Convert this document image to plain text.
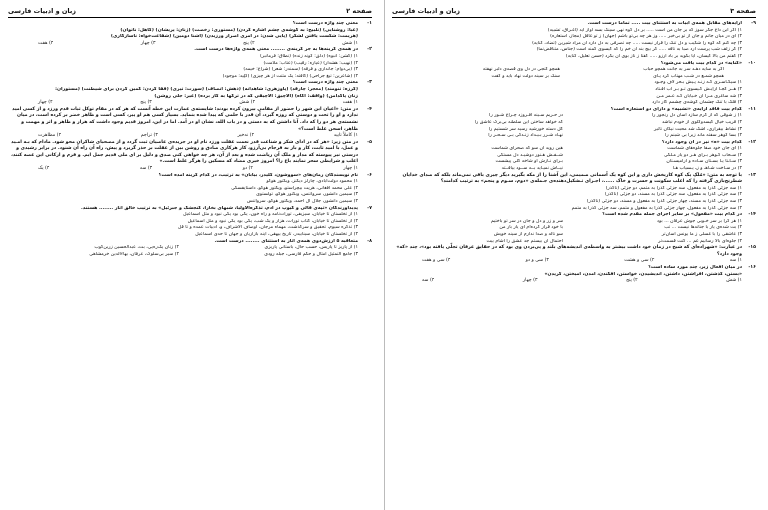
صفحه ۳
زبان و ادبیات فارسی
۹-
آرایه‌های مقابل همه‌ی ابیات به استثنای بیت ..... تماماً درست است.
۱) اگر ابن داغ جگر سوز که بر جان من است ..... بر دل کوه نهی سینگ بسه آواز آید (اغـراق، تشبیه)
۲) ای در میان جانم و جان از تو بی‌خبر ..... وز هر چه بی‌تو باشم (جهان) ز تو غافل (مجاز، استعاره)
۳) چه کنم که کوه را شکیب و دل تنگ را قرار نیست ..... چه تصرفی به دل دارد آن مراد شیرین (تضاد، کنایه)
۴) گر زلف شب پرست آرد صبا به نافه ..... گر بیچ بند آن خم را که گیسوی کمند است (جناس، متناقض‌نما)
۴) گفتم من بالا گیسان، آیا بگوید بر باد آرزو ..... گفتا ز ناز بوی آن بگرد (حسن تعلیل، کنایه)
۱۰-
«کنایه» در کدام بیت یافت می‌شود؟
اگر به سایه دهـد سر به جانت همچو حباب
همچو گنجی در دل وی قصه‌ی دلبر نهفته
همچو شمـع در شـب مهتاب کرد پـای
سنگ بر سینه دولت نهاد باید و گفت
۱) سیکـاسـری کـه زنـد پـیش بـحر لاف وجـود
۲) هــر کجـا آرایـش گـیسوی تـو بـر آب افـتاد
۳) شد ساغری مـرا آن خـیابان کـه عـمر مـن
۴) فلک با تنگ چشمان گوشه‌ی چشمم کار دارد
۱۱-
کدام بیت فاقد آرایه‌ی «تشبیه» و دارای دو استعاره است؟
۱) ز شوقی که از گرم سازد آسان دل رنجور را
در حـریم سـینه افـروزد چـراغ شـور را
۲) قریب خیال گیسدوکلوی از خودم نباشد
که خواهد ساختن این سلطنه بی‌برگ عاشق را
۳) نشاط بیقراری، اشک شد محبت نیکان تأثیر
گل دسته خورشید رسید سر شستیم را
۴) بسا گوهر سفته ماند زیرا بی شبنم را
نهـاد شـرر بـیـداد زنـدگی بـی سـحـر را
۱۲-
کدام بیت «ه» نیز در آن وجود دارد؟
۱) ای جان خود صفا جلوه‌های شماست
هین روید آن سو که صحرای شماست
۲) سـحاب گـوهر بـرای هـر دو یار مـلکی
شــفـش هـنور دوشیـد دل مستکی
۳) سـاـتا یـا بسـتان سـاده و آرامیسـتان
بـرای نـازش او شاخه گلی پیشست
۴) در سـاخت شـاهـ و زـ یـسیاب هـا
نیــاش نمیـاید بــه ســود بیافــتد
۱۳-
با توجه به متن: «مُلکِ یک کوه کاربخش داری و این کوه یک آسمانی صمیمی، این آشنا را از مکه بگیرید دیگر چیزی باقی نمی‌ماند بلکه که صدای خدایان شطرنج‌بازی گرفته را که اغلب سکونت و حسرت و خاک ......، اجـزای تـشکیل‌دهنده‌ی جـمله‌ی «دوم، سـوم و پنجم» به ترتیب کدامند؟
۱) سه جزئی گذرا به مفعول، سه جزئی گذرا به متمم، دو جزئی (ناگذر)
۲) سه جزئی گذرا به مفعول، سه جزئی گذرا به مسند، دو جزئی (ناگذر)
۳) سه جزئی گذرا به مسند، چهار جزئی گذرا به مفعول و مسند، دو جزئی (ناگذر)
۴) سه جزئی گذرا به مفعول، چهار جزئی گذرا به مفعول و متمم، سه جزئی گذرا به متمم
۱۴-
در کدام بیت «مفعول» بر سایر اجزای جمله مقدم شده است؟
۱) هر کرا بر سر خـوبی جوش عرفان ... بود
سر و زر و دل و جان در سر تو باختیم
۲) بت شده‌ی یار با جنانه‌ها نیست ... تب
با خود قرار کرده‌ام ای یار بار من
۳) عاشقی را با غسلی ز ما یونس آسان‌تر
سو ناله و صدا ندارم از سینه خویش
۴) جلوه‌ای بالا رسانیم غم ... کنت قسمت‌تر
احتمال آن بیستم جد عشق را آشام بیت
۱۵-
در عبارت: «شهزاده‌ای که شیخ در زمان خود داشت بیشتر به واسطه‌ی اندیشه‌های بلند و پی‌بردن وی بود که در حقایق عرفان تجلّی یافته بود»، چند «که» وجود دارد؟
۱) سه
۲) سی و هشت
۳) سی و دو
۴) سی و هفت
۱۶-
در میان افعال زیر، چند مورد ساده است؟
«بستن، گذشتن، افراشتن، داشتن، اندیشیدن، خواستن، افکندن، آمدن، آمیختن، گزیدن»
۱) شش
۲) پنج
۳) چهار
۴) سه
صفحه ۲
زبان و ادبیات فارسی
۱-
معنی چند واژه درست است؟
(غبا: روشنایی) (تلبیح: به گوشه‌ی چشم اشاره کردن) (مستوری: رخصت) (ژنان: پریشان) (کاهل: ناتوان)
(هزیمت: شکست یافتن لشکر) (پایی شدن: در امری اصرار ورزیدن) (آشنا دومین) (شفاعت‌خواه: ناسازگاری)
۱) شش
۲) پنج
۳) چهار
۴) هفت
۲-
در همه‌ی گزینه‌ها به جز گزینه‌ی ........ معنی همه‌ی واژه‌ها درست است.
۱) (گشن: انبوه) (دلق: گونه زنده) (نطاق: فرمانبر)
۲) (نهیب: هشدار) (عیاره: رقیب) (عتاب: ملامت)
۳) (بی‌دوام: جانداری و فرقه) (سمندر: شعر) (شراغ: خیمه)
۴) (شاعرین: تیغ جراحی) (کافته: یک مثنت از هر چیزی) (کَلِید: موجود)
۳-
معنی چند واژه درست است؟
(گرزه: تنومند) (معجر: چارقد) (پاوزهری: شاهدانه) (ذهش: انصاف) (سورت: تیزی) (قفا کردن: کمین گردن برای شیطنت) (مستوران:
زنان پاکدامن) (واقف: آگاه) (آلاچیق: آلاچیقی که در ترکها به کار برده) (غیر: جلی روشن)
۱) هفت
۲) شش
۳) پنج
۴) چهار
۴-
در متن: «اعیان این شهر را حضور از مقامی بیرون کرده بودند؛ شایسته‌ی عمارت این خطه آنست که هر که در مقام توکل ثبات قدم ورزد و از کسی امید ندارد و او را تحت و دوستی که روزه گیرد، آن قدر با حلمی که پیدا شده بنماید. بسیار کسی هم او پیر، کسی است و ظاهر خضر بر کرده است، در میان نشسته‌ی هر دو را که داد. آنا داشتن که به دستی و در باب الله، نشان او در آمد. اما در این، امروز قدیم وجود داشت که هزار و ظاهر و اثر و مهمت و ظاهر، اسحن غلط است؟»
۱) کاملاً تایید
۲) نه‌خیر
۳) تراجم
۴) مظاهرت
۵-
در متن زیر: «هر که در ادای شکر و شناعت قدر نعمت غفلت ورزد نام او در جریده‌ی عاصیان ثبت گردد و از مصحبای شاکران محو شود. مادام که بـه امـید و عمل، با امید ثابت، کار و بار به فرجام بی‌آرزو، کار هرکاری صادق و روشن بین از غفلت بر حذر گریزد و پیش، راه آن راه آن شنود. در برابر رشیدی و درستی نیز پیوسته که مدار و ملک آن ریاضت شده و بعد از آن، هر چه خواهی کنی صدق و دلیل بر ای ملی قدیم جمل ایم. و فرم و ارکانی این غصه کنند، اغلب و شرایطی سحر نمایند باغ را؟ امروز خبری مضاد که مسکین را هرگز غلط است.»
۱) چهار
۲) دو
۳) سه
۴) یک
۶-
نام نویسندگان رمان‌های «سووشون، کلیدر، بیابان» به ترتیب، در کدام گزینه آمده است؟
۱) محمود دولت‌آبادی، چارلز دیکنز، ویکتور هوگو
۲) علی محمد افغانی، هریت بیچراستو، ویکتور هوگو، داستایفسکی
۳) سیمین دانشور، سرواتنس، ویکتور هوگو، تولستوی
۴) سیمین دانشور، جلال آل احمد، ویکتور هوگو، سرواتنس
۷-
پدیدآورندگان «تپه‌ی قالی و کیوپ در آدم، تذکره‌الاولیا، شبهای بخارا، گنجشک و جبرئیل» به ترتیب خالق آثار ........ هستند.
۱) از تخلستان تا خیابان، سیزیفی، تورات‌نامه و راه خون، یکی بود یکی نبود و مثل اسماعیل
۲) از تخلستان تا خیابان، کتاب تورات، هزار و یک شب، یکی بود یکی نبود و مثل اسماعیل
۳) تذکره سیوم، تحقیق و سرگذشت، مهماه مرجان، اوصاف الاشراف، و، ادبیات عمده و تا قل
۴) از تخلستان تا خیابان، سینابیدر، تاریخ بیهقی، آینه بازاریان و جهان تا حدی اسماعیل
۸-
متعاقبه ۵ ارزش‌دوی همه‌ی آثار به استثنای ........ درست است.
۱) از پاریز تا پاریس، حسب حال، باستانی پاریزی
۲) زنان یک‌ره‌یی، بت، عبدالحسین زرین‌کوب
۳) جامع التمثیل امثال و حکم فارسی، جبله رودی
۴) سیر بی‌سلوک، عرفان، بهاءالدین خرمشاهی
